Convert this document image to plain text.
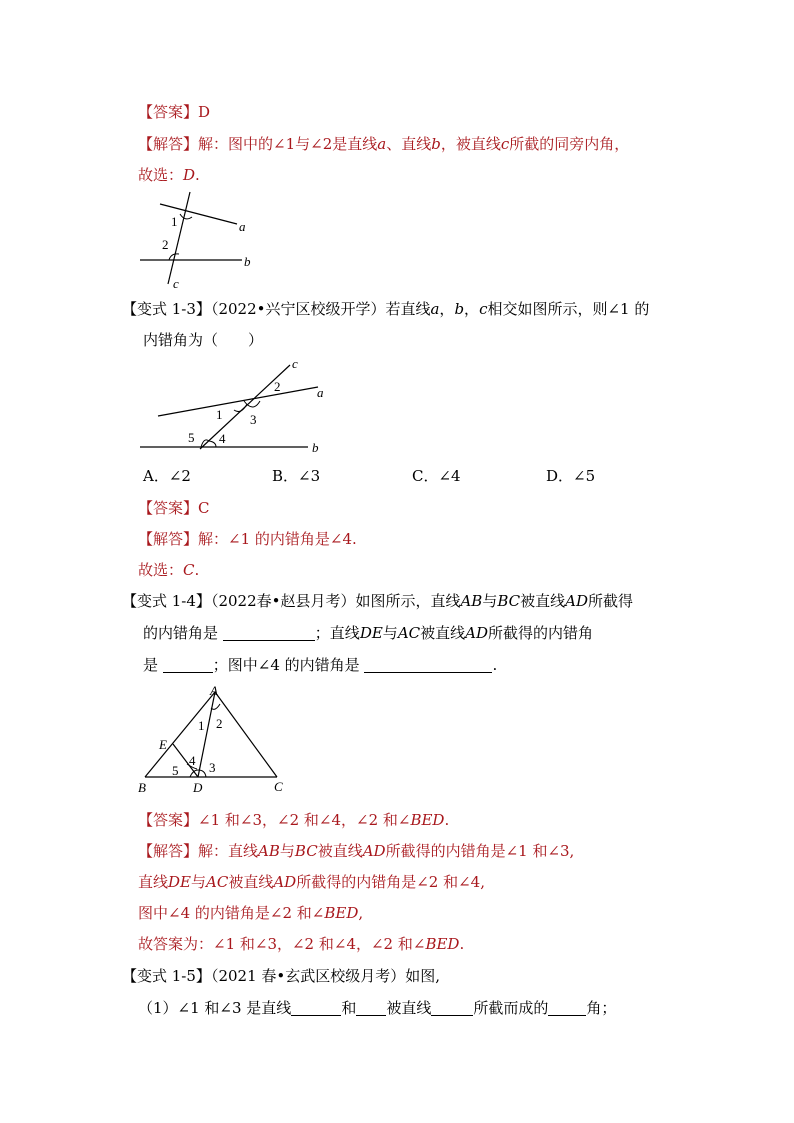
【答案】D
【解答】解：图中的∠1与∠2是直线a、直线b，被直线c所截的同旁内角，
故选：D.
1
2
a
b
c
【变式 1-3】（2022•兴宁区校级开学）若直线a，b，c相交如图所示，则∠1 的
内错角为（　　）
1
2
3
4
5
a
b
c
A．∠2	B．∠3	C．∠4	D．∠5
【答案】C
【解答】解：∠1 的内错角是∠4.
故选：C.
【变式 1-4】（2022春•赵县月考）如图所示，直线AB与BC被直线AD所截得
的内错角是	；直线DE与AC被直线AD所截得的内错角
是	；图中∠4 的内错角是	.
A
B	C
D
E
1 2
3
4
5
【答案】∠1 和∠3，∠2 和∠4，∠2 和∠BED.
【解答】解：直线AB与BC被直线AD所截得的内错角是∠1 和∠3,
直线DE与AC被直线AD所截得的内错角是∠2 和∠4,
图中∠4 的内错角是∠2 和∠BED,
故答案为：∠1 和∠3，∠2 和∠4，∠2 和∠BED.
【变式 1-5】（2021 春•玄武区校级月考）如图,
（1）∠1 和∠3 是直线	和 被直线	所截而成的	角；
